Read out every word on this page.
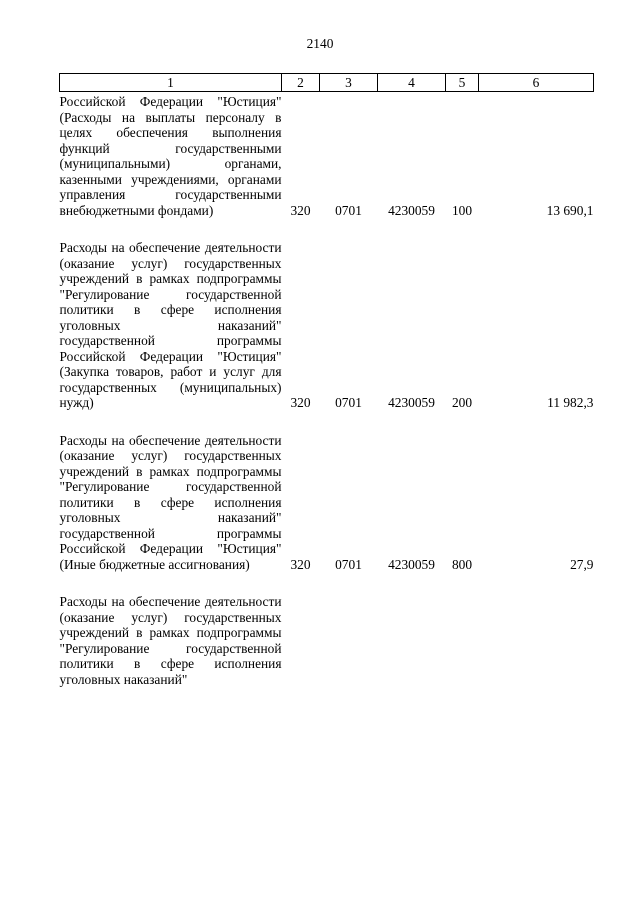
2140
1	2	3	4	5	6
Российской Федерации "Юстиция" (Расходы на выплаты персоналу в целях обеспечения выполнения функций государственными (муниципальными) органами, казенными учреждениями, органами управления государственными внебюджетными фондами)	320	0701	4230059	100	13 690,1
Расходы на обеспечение деятельности (оказание услуг) государственных учреждений в рамках подпрограммы "Регулирование государственной политики в сфере исполнения уголовных наказаний" государственной программы Российской Федерации "Юстиция" (Закупка товаров, работ и услуг для государственных (муниципальных) нужд)	320	0701	4230059	200	11 982,3
Расходы на обеспечение деятельности (оказание услуг) государственных учреждений в рамках подпрограммы "Регулирование государственной политики в сфере исполнения уголовных наказаний" государственной программы Российской Федерации "Юстиция" (Иные бюджетные ассигнования)	320	0701	4230059	800	27,9
Расходы на обеспечение деятельности (оказание услуг) государственных учреждений в рамках подпрограммы "Регулирование государственной политики в сфере исполнения уголовных наказаний"					
